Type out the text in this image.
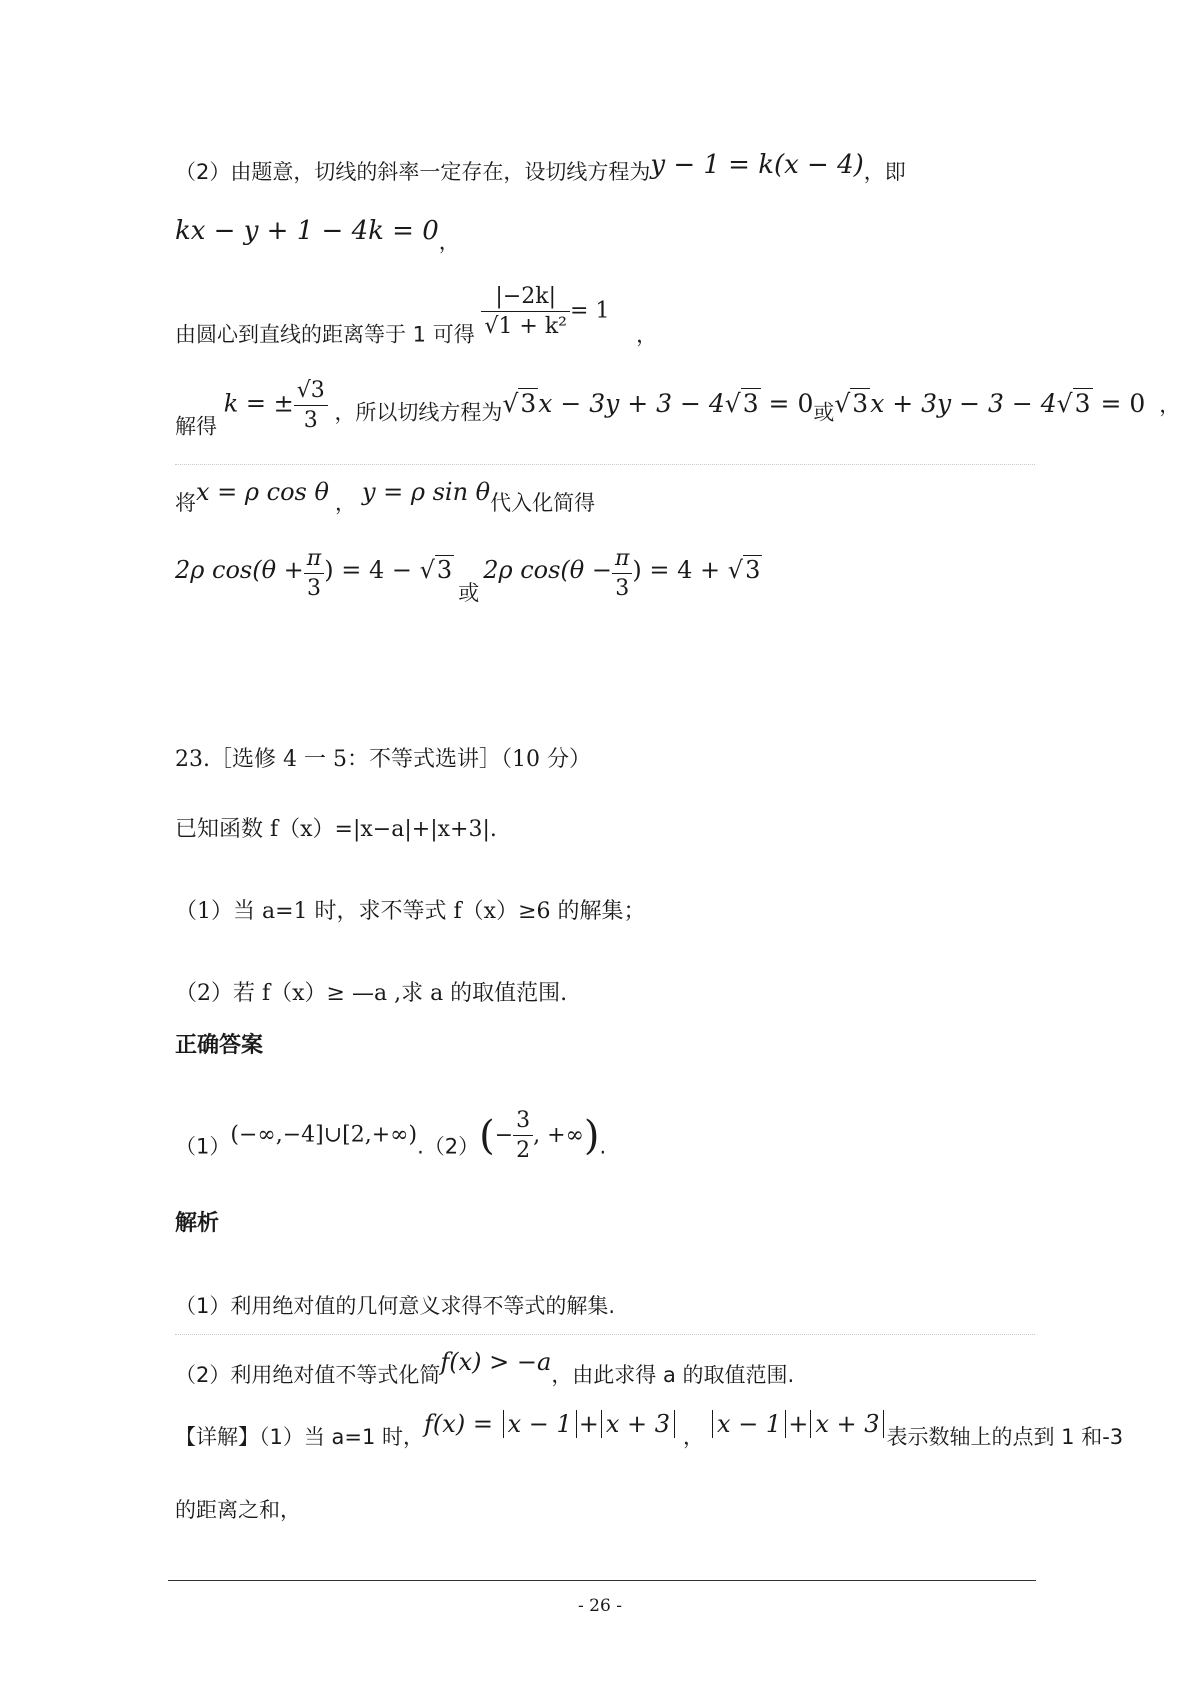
（2）由题意，切线的斜率一定存在，设切线方程为y − 1 = k(x − 4)，即
kx − y + 1 − 4k = 0，
由圆心到直线的距离等于 1 可得 $\frac{|-2k|}{\text{√1 + k²}} = 1$ ，
解得 k = ± $\frac{√3}{3}$ ，所以切线方程为√3x − 3y + 3 − 4√3 = 0或√3x + 3y − 3 − 4√3 = 0 ，
将x = ρ cos θ ， y = ρ sin θ代入化简得
2ρ $\cos(\theta + \frac{\pi}{3}$ ) = 4 − √3或2ρ $\cos(\theta - \frac{\pi}{3}$ ) = 4 + √3
23.［选修 4 一 5：不等式选讲］（10 分）
已知函数 f（x）=|x−a|+|x+3|.
（1）当 a=1 时，求不等式 f（x）≥6 的解集；
（2）若 f（x）≥ —a ,求 a 的取值范围.
正确答案
（1）(−∞,−4]∪[2,+∞).（2）(− $\frac{3}{2}$ , +∞).
解析
（1）利用绝对值的几何意义求得不等式的解集.
（2）利用绝对值不等式化简f(x) > −a，由此求得 a 的取值范围.
【详解】（1）当 a=1 时，f(x) = x − 1 + x + 3 ， x − 1 + x + 3 表示数轴上的点到 1 和-3
的距离之和，
- 26 -
